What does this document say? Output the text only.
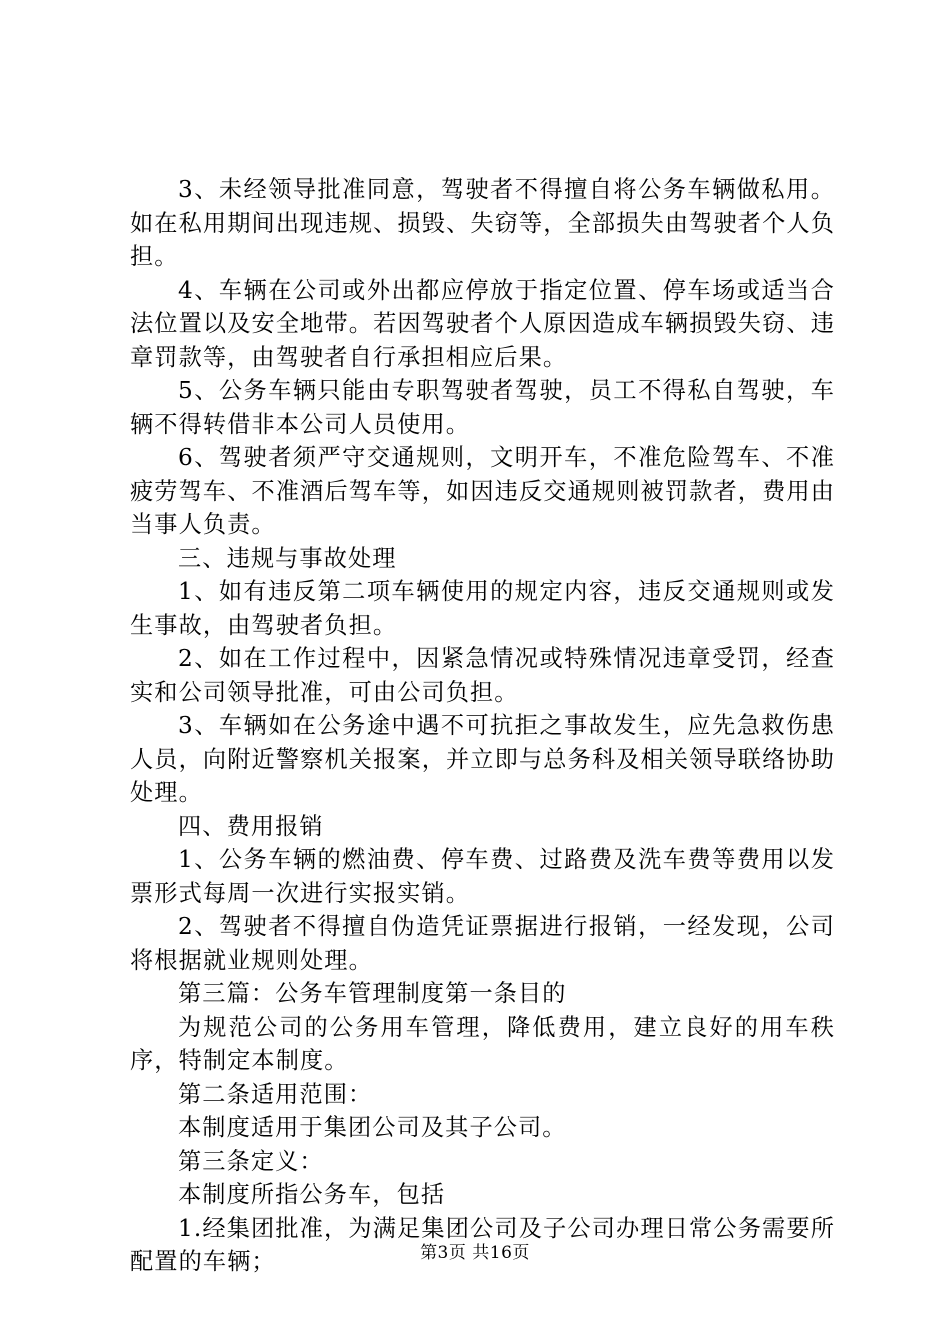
3、未经领导批准同意，驾驶者不得擅自将公务车辆做私用。如在私用期间出现违规、损毁、失窃等，全部损失由驾驶者个人负担。

4、车辆在公司或外出都应停放于指定位置、停车场或适当合法位置以及安全地带。若因驾驶者个人原因造成车辆损毁失窃、违章罚款等，由驾驶者自行承担相应后果。

5、公务车辆只能由专职驾驶者驾驶，员工不得私自驾驶，车辆不得转借非本公司人员使用。

6、驾驶者须严守交通规则，文明开车，不准危险驾车、不准疲劳驾车、不准酒后驾车等，如因违反交通规则被罚款者，费用由当事人负责。

三、违规与事故处理

1、如有违反第二项车辆使用的规定内容，违反交通规则或发生事故，由驾驶者负担。

2、如在工作过程中，因紧急情况或特殊情况违章受罚，经查实和公司领导批准，可由公司负担。

3、车辆如在公务途中遇不可抗拒之事故发生，应先急救伤患人员，向附近警察机关报案，并立即与总务科及相关领导联络协助处理。

四、费用报销

1、公务车辆的燃油费、停车费、过路费及洗车费等费用以发票形式每周一次进行实报实销。

2、驾驶者不得擅自伪造凭证票据进行报销，一经发现，公司将根据就业规则处理。

第三篇：公务车管理制度第一条目的

为规范公司的公务用车管理，降低费用，建立良好的用车秩序，特制定本制度。

第二条适用范围：

本制度适用于集团公司及其子公司。

第三条定义：

本制度所指公务车，包括

1.经集团批准，为满足集团公司及子公司办理日常公务需要所配置的车辆；	第3页 共16页
